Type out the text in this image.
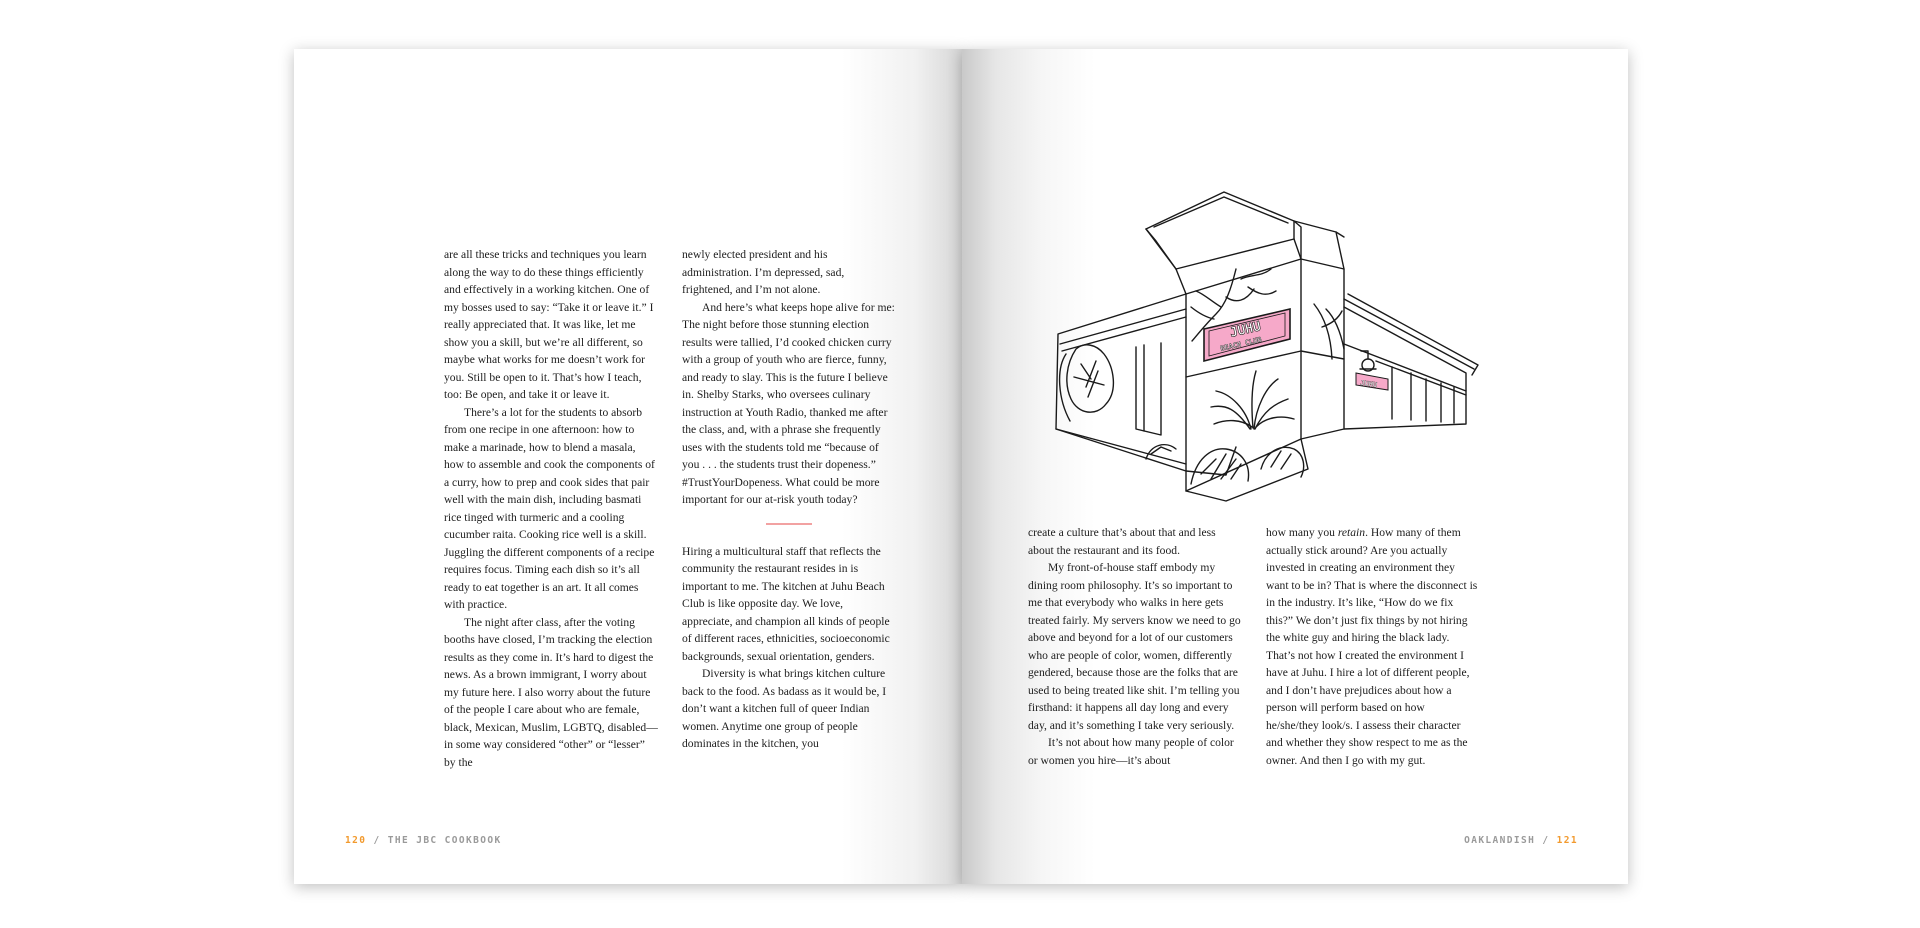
are all these tricks and techniques you learn along the way to do these things efficiently and effectively in a working kitchen. One of my bosses used to say: “Take it or leave it.” I really appreciated that. It was like, let me show you a skill, but we’re all different, so maybe what works for me doesn’t work for you. Still be open to it. That’s how I teach, too: Be open, and take it or leave it.

There’s a lot for the students to absorb from one recipe in one afternoon: how to make a marinade, how to blend a masala, how to assemble and cook the components of a curry, how to prep and cook sides that pair well with the main dish, including basmati rice tinged with turmeric and a cooling cucumber raita. Cooking rice well is a skill. Juggling the different components of a recipe requires focus. Timing each dish so it’s all ready to eat together is an art. It all comes with practice.

The night after class, after the voting booths have closed, I’m tracking the election results as they come in. It’s hard to digest the news. As a brown immigrant, I worry about my future here. I also worry about the future of the people I care about who are female, black, Mexican, Muslim, LGBTQ, disabled—in some way considered “other” or “lesser” by the

newly elected president and his administration. I’m depressed, sad, frightened, and I’m not alone.

And here’s what keeps hope alive for me: The night before those stunning election results were tallied, I’d cooked chicken curry with a group of youth who are fierce, funny, and ready to slay. This is the future I believe in. Shelby Starks, who oversees culinary instruction at Youth Radio, thanked me after the class, and, with a phrase she frequently uses with the students told me “because of you . . . the students trust their dopeness.” #TrustYourDopeness. What could be more important for our at-risk youth today?

Hiring a multicultural staff that reflects the community the restaurant resides in is important to me. The kitchen at Juhu Beach Club is like opposite day. We love, appreciate, and champion all kinds of people of different races, ethnicities, socioeconomic backgrounds, sexual orientation, genders.

Diversity is what brings kitchen culture back to the food. As badass as it would be, I don’t want a kitchen full of queer Indian women. Anytime one group of people dominates in the kitchen, you

120 / THE JBC COOKBOOK
JUHU
BEACH CLUB
JUHU

create a culture that’s about that and less about the restaurant and its food.

My front-of-house staff embody my dining room philosophy. It’s so important to me that everybody who walks in here gets treated fairly. My servers know we need to go above and beyond for a lot of our customers who are people of color, women, differently gendered, because those are the folks that are used to being treated like shit. I’m telling you firsthand: it happens all day long and every day, and it’s something I take very seriously.

It’s not about how many people of color or women you hire—it’s about

how many you retain. How many of them actually stick around? Are you actually invested in creating an environment they want to be in? That is where the disconnect is in the industry. It’s like, “How do we fix this?” We don’t just fix things by not hiring the white guy and hiring the black lady. That’s not how I created the environment I have at Juhu. I hire a lot of different people, and I don’t have prejudices about how a person will perform based on how he/she/they look/s. I assess their character and whether they show respect to me as the owner. And then I go with my gut.

OAKLANDISH / 121
